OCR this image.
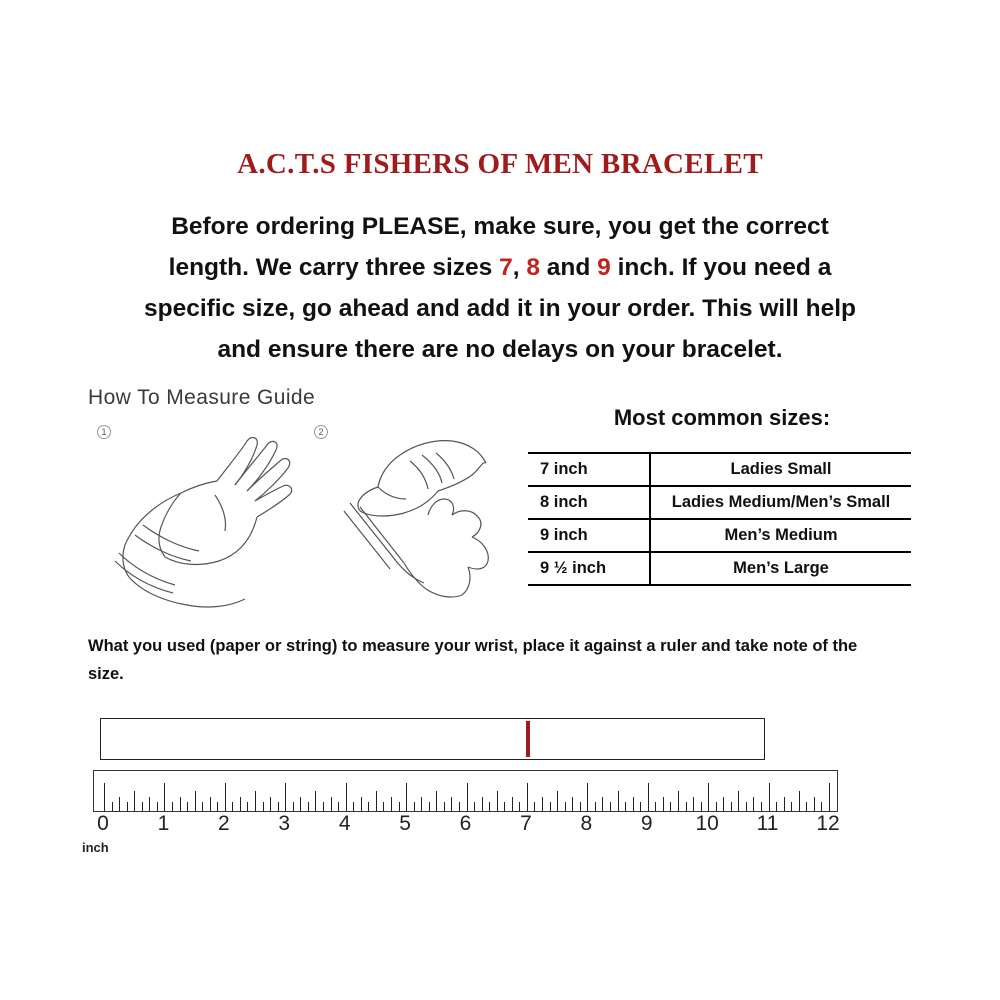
A.C.T.S FISHERS OF MEN BRACELET
Before ordering PLEASE, make sure, you get the correct
length. We carry three sizes 7, 8 and 9 inch. If you need a
specific size, go ahead and add it in your order. This will help
and ensure there are no delays on your bracelet.
How To Measure Guide
1	2
Most common sizes:
7 inch	Ladies Small
8 inch	Ladies Medium/Men’s Small
9 inch	Men’s Medium
9 ½ inch	Men’s Large
What you used (paper or string) to measure your wrist, place it against a ruler and take note of the size.
0 1 2 3 4 5 6 7 8 9 10 11 12
inch
